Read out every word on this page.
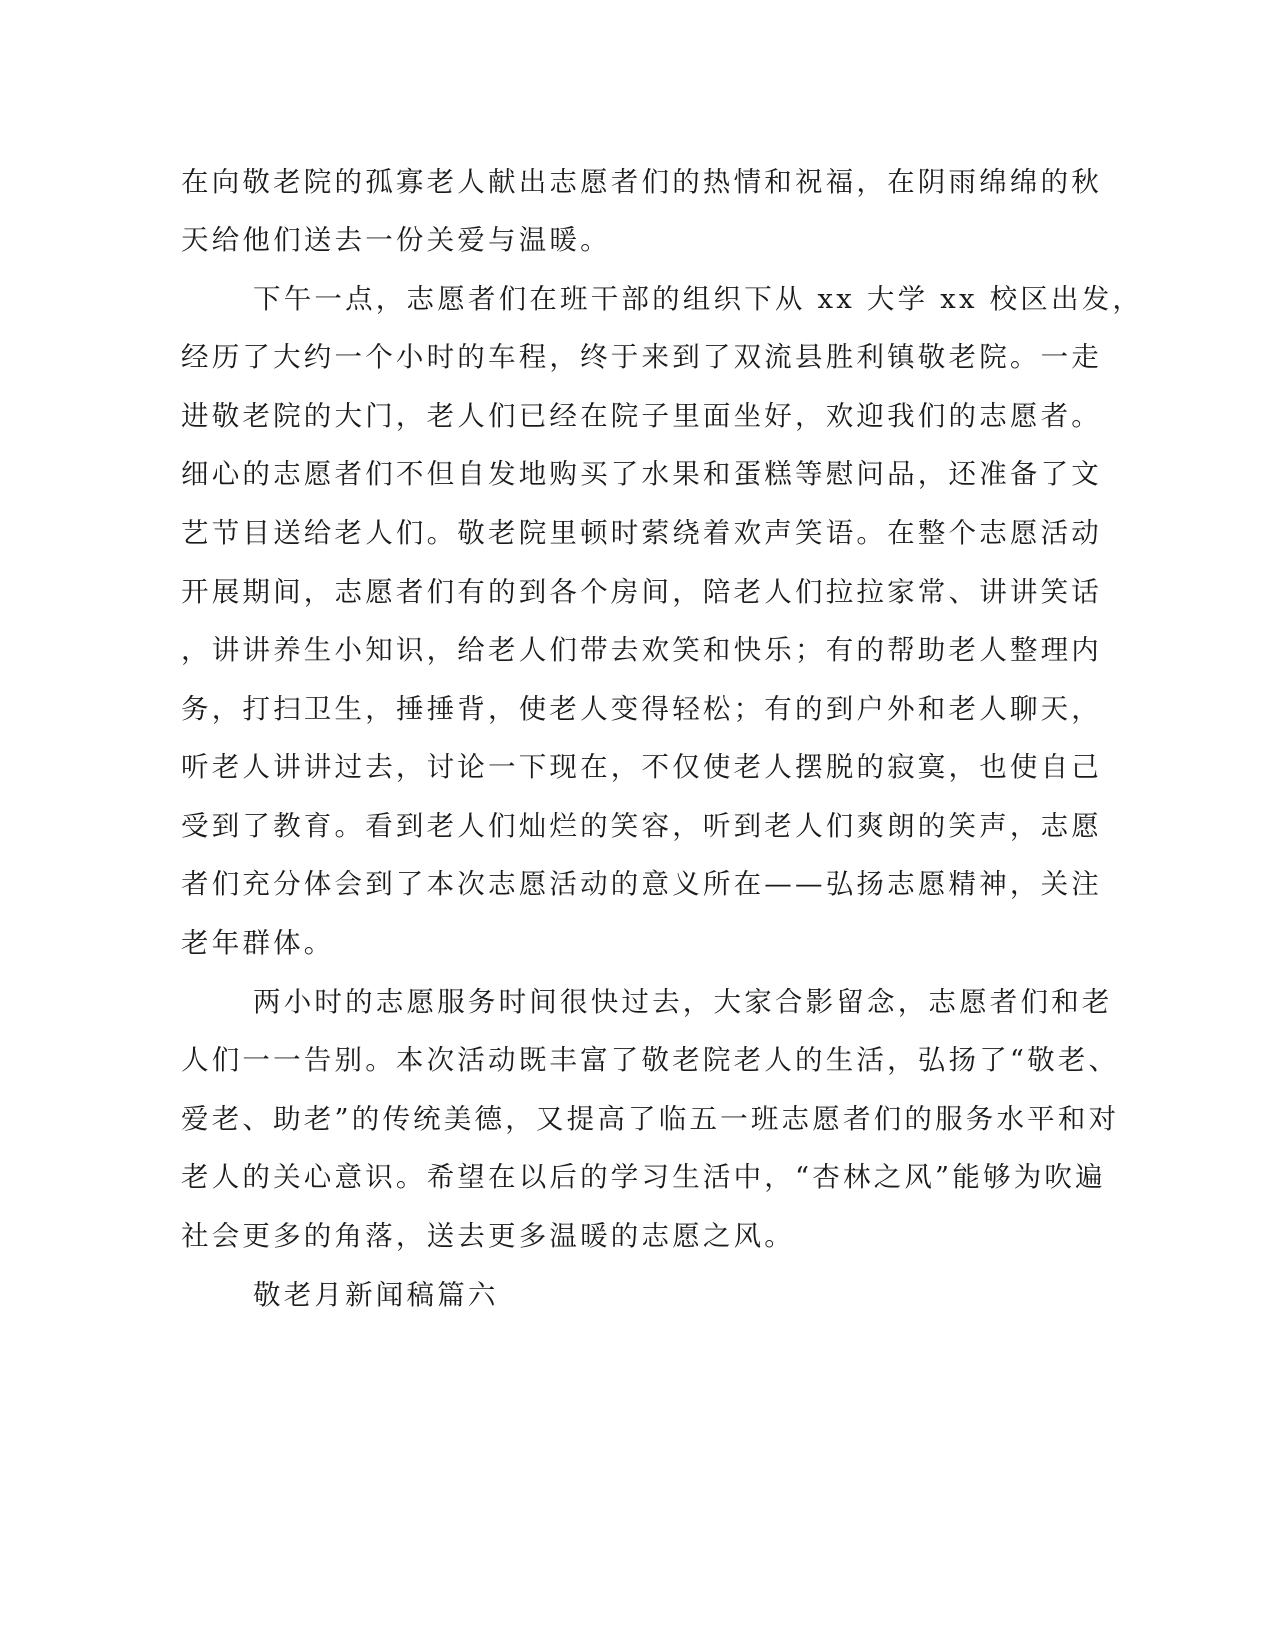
在向敬老院的孤寡老人献出志愿者们的热情和祝福，在阴雨绵绵的秋

天给他们送去一份关爱与温暖。

下午一点，志愿者们在班干部的组织下从 xx 大学 xx 校区出发，

经历了大约一个小时的车程，终于来到了双流县胜利镇敬老院。一走

进敬老院的大门，老人们已经在院子里面坐好，欢迎我们的志愿者。

细心的志愿者们不但自发地购买了水果和蛋糕等慰问品，还准备了文

艺节目送给老人们。敬老院里顿时萦绕着欢声笑语。在整个志愿活动

开展期间，志愿者们有的到各个房间，陪老人们拉拉家常、讲讲笑话

，讲讲养生小知识，给老人们带去欢笑和快乐；有的帮助老人整理内

务，打扫卫生，捶捶背，使老人变得轻松；有的到户外和老人聊天，

听老人讲讲过去，讨论一下现在，不仅使老人摆脱的寂寞，也使自己

受到了教育。看到老人们灿烂的笑容，听到老人们爽朗的笑声，志愿

者们充分体会到了本次志愿活动的意义所在——弘扬志愿精神，关注

老年群体。

两小时的志愿服务时间很快过去，大家合影留念，志愿者们和老

人们一一告别。本次活动既丰富了敬老院老人的生活，弘扬了“敬老、

爱老、助老”的传统美德，又提高了临五一班志愿者们的服务水平和对

老人的关心意识。希望在以后的学习生活中，“杏林之风”能够为吹遍

社会更多的角落，送去更多温暖的志愿之风。

敬老月新闻稿篇六
